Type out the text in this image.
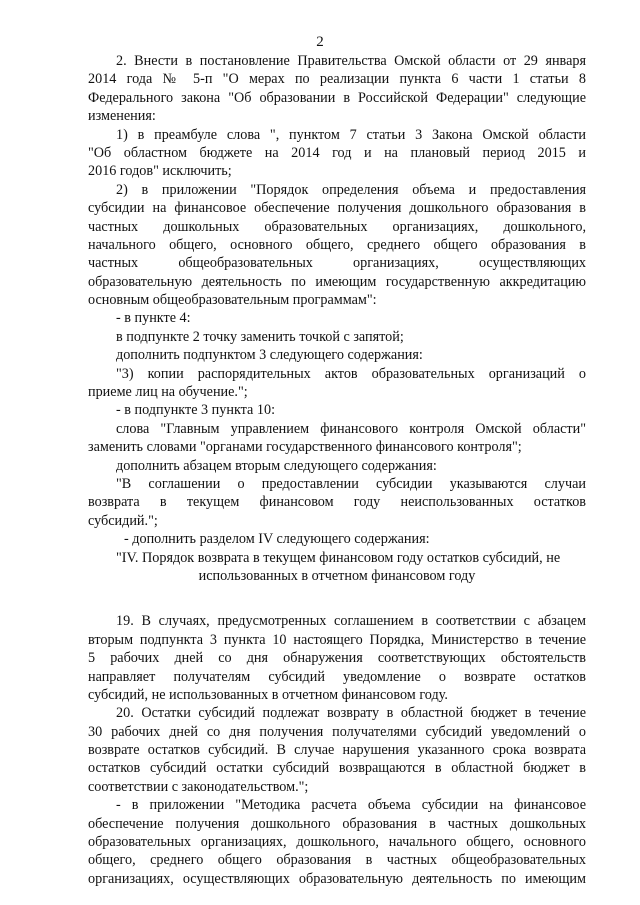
2
2. Внести в постановление Правительства Омской области от 29 января
2014 года № 5-п "О мерах по реализации пункта 6 части 1 статьи 8
Федерального закона "Об образовании в Российской Федерации" следующие
изменения:
1) в преамбуле слова ", пунктом 7 статьи 3 Закона Омской области
"Об областном бюджете на 2014 год и на плановый период 2015 и
2016 годов" исключить;
2) в приложении "Порядок определения объема и предоставления
субсидии на финансовое обеспечение получения дошкольного образования в
частных дошкольных образовательных организациях, дошкольного,
начального общего, основного общего, среднего общего образования в
частных общеобразовательных организациях, осуществляющих
образовательную деятельность по имеющим государственную аккредитацию
основным общеобразовательным программам":
- в пункте 4:
в подпункте 2 точку заменить точкой с запятой;
дополнить подпунктом 3 следующего содержания:
"3) копии распорядительных актов образовательных организаций о
приеме лиц на обучение.";
- в подпункте 3 пункта 10:
слова "Главным управлением финансового контроля Омской области"
заменить словами "органами государственного финансового контроля";
дополнить абзацем вторым следующего содержания:
"В соглашении о предоставлении субсидии указываются случаи
возврата в текущем финансовом году неиспользованных остатков
субсидий.";
- дополнить разделом IV следующего содержания:
"IV. Порядок возврата в текущем финансовом году остатков субсидий, не
использованных в отчетном финансовом году
19. В случаях, предусмотренных соглашением в соответствии с абзацем
вторым подпункта 3 пункта 10 настоящего Порядка, Министерство в течение
5 рабочих дней со дня обнаружения соответствующих обстоятельств
направляет получателям субсидий уведомление о возврате остатков
субсидий, не использованных в отчетном финансовом году.
20. Остатки субсидий подлежат возврату в областной бюджет в течение
30 рабочих дней со дня получения получателями субсидий уведомлений о
возврате остатков субсидий. В случае нарушения указанного срока возврата
остатков субсидий остатки субсидий возвращаются в областной бюджет в
соответствии с законодательством.";
- в приложении "Методика расчета объема субсидии на финансовое
обеспечение получения дошкольного образования в частных дошкольных
образовательных организациях, дошкольного, начального общего, основного
общего, среднего общего образования в частных общеобразовательных
организациях, осуществляющих образовательную деятельность по имеющим
